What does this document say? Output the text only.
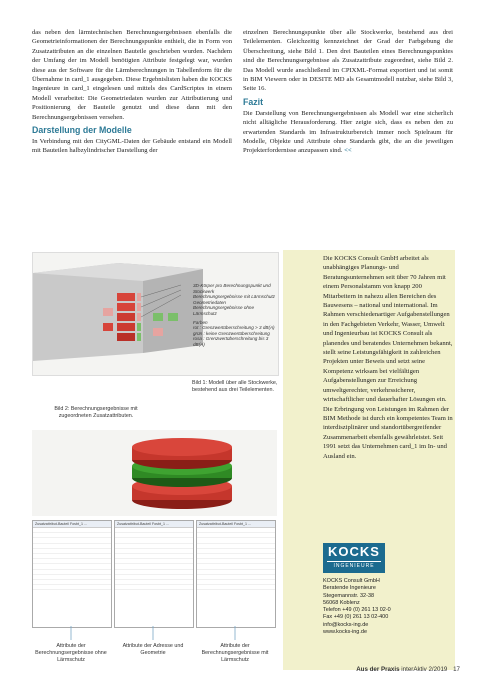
das neben den lärmtechnischen Berechnungsergebnissen ebenfalls die Geometrieinformationen der Berechnungspunkte enthielt, die in Form von Zusatzattributen an die einzelnen Bauteile geschrieben wurden. Nachdem der Umfang der im Modell benötigten Attribute festgelegt war, wurden diese aus der Software für die Lärmberechnungen in Tabellenform für die Übernahme in card_1 ausgegeben. Diese Ergebnislisten haben die KOCKS Ingenieure in card_1 eingelesen und mittels des CardScriptes in einem Modell verarbeitet: Die Geometriedaten wurden zur Attributierung und Positionierung der Bauteile genutzt und diese dann mit den Berechnungsergebnissen versehen.

Darstellung der Modelle

In Verbindung mit den CityGML-Daten der Gebäude entstand ein Modell mit Bauteilen halbzylindrischer Darstellung der

einzelnen Berechnungspunkte über alle Stockwerke, bestehend aus drei Teilelementen. Gleichzeitig kennzeichnet der Grad der Farbgebung die Überschreitung, siehe Bild 1. Den drei Bauteilen eines Berechnungspunktes sind die Berechnungsergebnisse als Zusatzattribute zugeordnet, siehe Bild 2. Das Modell wurde anschließend im CPIXML-Format exportiert und ist somit in BIM Viewern oder in DESITE MD als Gesamtmodell nutzbar, siehe Bild 3, Seite 16.

Fazit

Die Darstellung von Berechnungsergebnissen als Modell war eine sicherlich nicht alltägliche Herausforderung. Hier zeigte sich, dass es neben den zu erwartenden Standards im Infrastrukturbereich immer noch Spielraum für Modelle, Objekte und Attribute ohne Standards gibt, die an die jeweiligen Projekterfordernisse anzupassen sind. <<

3D-Körper pro Berechnungspunkt und Stockwerk
Berechnungsergebnisse mit Lärmschutz
Geometriedaten
Berechnungsergebnisse ohne Lärmschutz
Farben
rot : Grenzwertüberschreitung > 3 dB(A)
grün : keine Grenzwertüberschreitung
rosa : Grenzwertüberschreitung bis 3 dB(A)
Bild 1: Modell über alle Stockwerke, bestehend aus drei Teilelementen.
Bild 2: Berechnungsergebnisse mit zugeordneten Zusatzattributen.
Zusatzattribut-Bauteil Fosbt_1 ...	Zusatzattribut-Bauteil Fosbt_1 ...	Zusatzattribut-Bauteil Fosbt_1 ...
Attribute der Berechnungsergebnisse ohne Lärmschutz
Attribute der Adresse und Geometrie
Attribute der Berechnungsergebnisse mit Lärmschutz
Die KOCKS Consult GmbH arbeitet als unabhängiges Planungs- und Beratungsunternehmen seit über 70 Jahren mit einem Personalstamm von knapp 200 Mitarbeitern in nahezu allen Bereichen des Bauwesens – national und international. Im Rahmen verschiedenartiger Aufgabenstellungen in den Fachgebieten Verkehr, Wasser, Umwelt und Ingenieurbau ist KOCKS Consult als planendes und beratendes Unternehmen bekannt, stellt seine Leistungsfähigkeit in zahlreichen Projekten unter Beweis und setzt seine Kompetenz wirksam bei vielfältigen Aufgabenstellungen zur Erreichung umweltgerechter, verkehrssicherer, wirtschaftlicher und dauerhafter Lösungen ein. Die Erbringung von Leistungen im Rahmen der BIM Methode ist durch ein kompetentes Team in interdisziplinärer und standortübergreifender Zusammenarbeit ebenfalls gewährleistet. Seit 1991 setzt das Unternehmen card_1 im In- und Ausland ein.
KOCKS
INGENIEURE
KOCKS Consult GmbH
Beratende Ingenieure
Stegemannstr. 32-38
56068 Koblenz
Telefon +49 (0) 261 13 02-0
Fax +49 (0) 261 13 02-400
info@kocks-ing.de
www.kocks-ing.de
Aus der Praxis interAktiv 2/2019 17
